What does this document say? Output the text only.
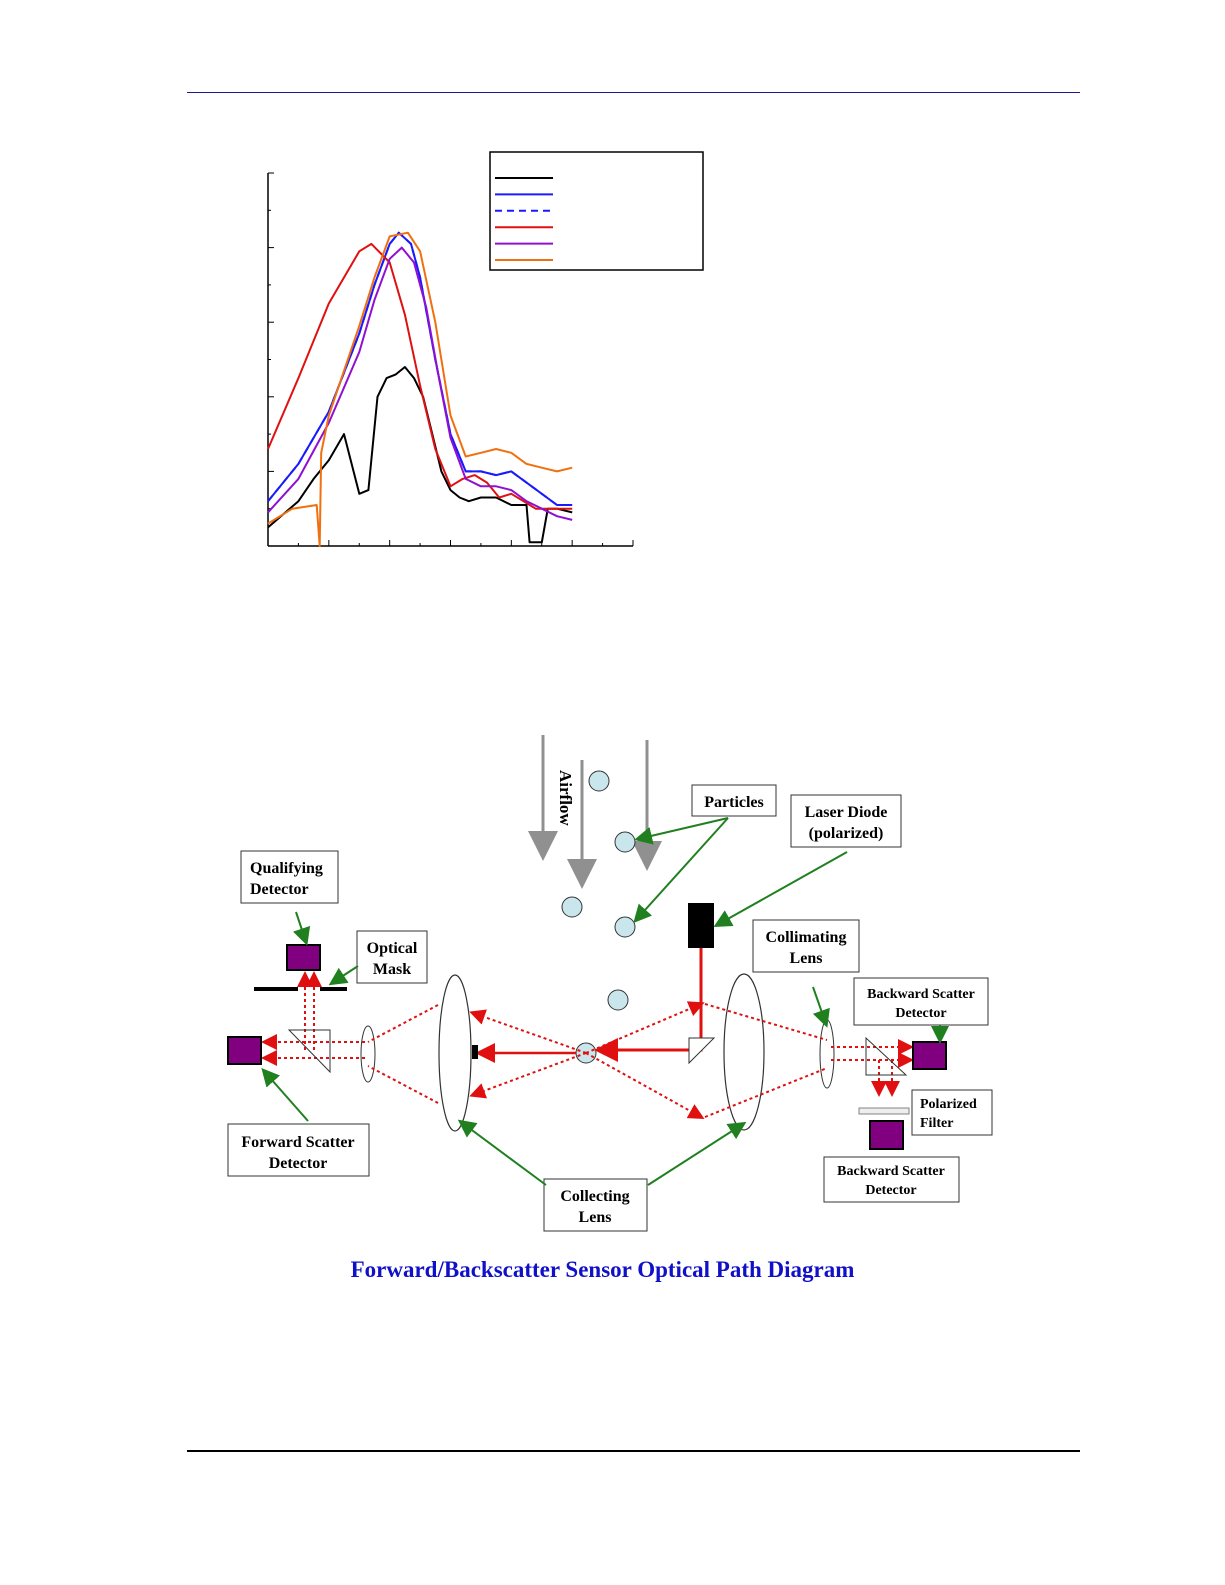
Airflow	Particles
Laser Diode
(polarized)
Qualifying
Detector
Optical
Mask
Collimating
Lens
Backward Scatter
Detector
Polarized
Filter
Forward Scatter
Detector
Collecting
Lens
Backward Scatter
Detector
Forward/Backscatter Sensor Optical Path Diagram
